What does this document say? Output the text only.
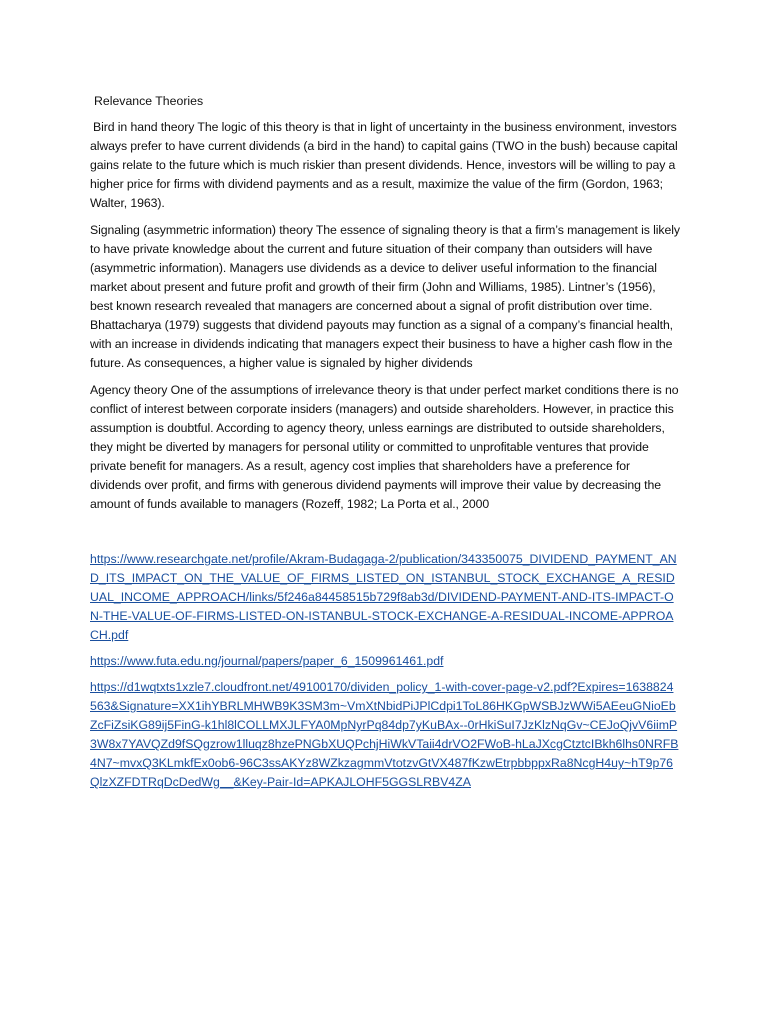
Relevance Theories

Bird in hand theory The logic of this theory is that in light of uncertainty in the business environment, investors always prefer to have current dividends (a bird in the hand) to capital gains (TWO in the bush) because capital gains relate to the future which is much riskier than present dividends. Hence, investors will be willing to pay a higher price for firms with dividend payments and as a result, maximize the value of the firm (Gordon, 1963; Walter, 1963).

Signaling (asymmetric information) theory The essence of signaling theory is that a firm’s management is likely to have private knowledge about the current and future situation of their company than outsiders will have (asymmetric information). Managers use dividends as a device to deliver useful information to the financial market about present and future profit and growth of their firm (John and Williams, 1985). Lintner’s (1956), best known research revealed that managers are concerned about a signal of profit distribution over time. Bhattacharya (1979) suggests that dividend payouts may function as a signal of a company’s financial health, with an increase in dividends indicating that managers expect their business to have a higher cash flow in the future. As consequences, a higher value is signaled by higher dividends

Agency theory One of the assumptions of irrelevance theory is that under perfect market conditions there is no conflict of interest between corporate insiders (managers) and outside shareholders. However, in practice this assumption is doubtful. According to agency theory, unless earnings are distributed to outside shareholders, they might be diverted by managers for personal utility or committed to unprofitable ventures that provide private benefit for managers. As a result, agency cost implies that shareholders have a preference for dividends over profit, and firms with generous dividend payments will improve their value by decreasing the amount of funds available to managers (Rozeff, 1982; La Porta et al., 2000

https://www.researchgate.net/profile/Akram-Budagaga-2/publication/343350075_DIVIDEND_PAYMENT_AND_ITS_IMPACT_ON_THE_VALUE_OF_FIRMS_LISTED_ON_ISTANBUL_STOCK_EXCHANGE_A_RESIDUAL_INCOME_APPROACH/links/5f246a84458515b729f8ab3d/DIVIDEND-PAYMENT-AND-ITS-IMPACT-ON-THE-VALUE-OF-FIRMS-LISTED-ON-ISTANBUL-STOCK-EXCHANGE-A-RESIDUAL-INCOME-APPROACH.pdf
https://www.futa.edu.ng/journal/papers/paper_6_1509961461.pdf
https://d1wqtxts1xzle7.cloudfront.net/49100170/dividen_policy_1-with-cover-page-v2.pdf?Expires=1638824563&Signature=XX1ihYBRLMHWB9K3SM3m~VmXtNbidPiJPlCdpi1ToL86HKGpWSBJzWWi5AEeuGNioEbZcFiZsiKG89ij5FinG-k1hl8lCOLLMXJLFYA0MpNyrPq84dp7yKuBAx--0rHkiSuI7JzKlzNqGv~CEJoQjvV6iimP3W8x7YAVQZd9fSQgzrow1lluqz8hzePNGbXUQPchjHiWkVTaii4drVO2FWoB-hLaJXcgCtztcIBkh6lhs0NRFB4N7~mvxQ3KLmkfEx0ob6-96C3ssAKYz8WZkzagmmVtotzvGtVX487fKzwEtrpbbppxRa8NcgH4uy~hT9p76QlzXZFDTRqDcDedWg__&Key-Pair-Id=APKAJLOHF5GGSLRBV4ZA
